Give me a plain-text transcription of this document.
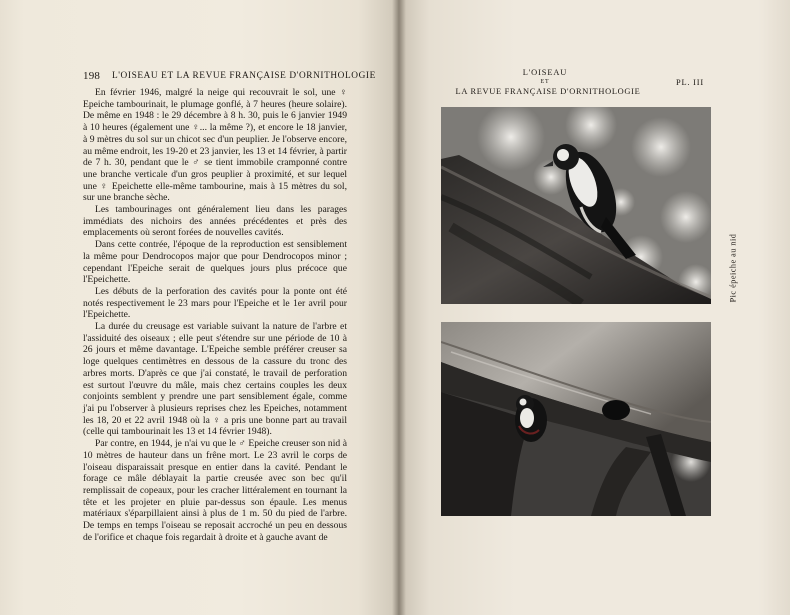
198 L'OISEAU ET LA REVUE FRANÇAISE D'ORNITHOLOGIE

En février 1946, malgré la neige qui recouvrait le sol, une ♀ Epeiche tambourinait, le plumage gonflé, à 7 heures (heure solaire). De même en 1948 : le 29 décembre à 8 h. 30, puis le 6 janvier 1949 à 10 heures (également une ♀... la même ?), et encore le 18 janvier, à 9 mètres du sol sur un chicot sec d'un peuplier. Je l'observe encore, au même endroit, les 19-20 et 23 janvier, les 13 et 14 février, à partir de 7 h. 30, pendant que le ♂ se tient immobile cramponné contre une branche verticale d'un gros peuplier à proximité, et sur lequel une ♀ Epeichette elle-même tambourine, mais à 15 mètres du sol, sur une branche sèche.

Les tambourinages ont généralement lieu dans les parages immédiats des nichoirs des années précédentes et près des emplacements où seront forées de nouvelles cavités.

Dans cette contrée, l'époque de la reproduction est sensiblement la même pour Dendrocopos major que pour Dendrocopos minor ; cependant l'Epeiche serait de quelques jours plus précoce que l'Epeichette.

Les débuts de la perforation des cavités pour la ponte ont été notés respectivement le 23 mars pour l'Epeiche et le 1er avril pour l'Epeichette.

La durée du creusage est variable suivant la nature de l'arbre et l'assiduité des oiseaux ; elle peut s'étendre sur une période de 10 à 26 jours et même davantage. L'Epeiche semble préférer creuser sa loge quelques centimètres en dessous de la cassure du tronc des arbres morts. D'après ce que j'ai constaté, le travail de perforation est surtout l'œuvre du mâle, mais chez certains couples les deux conjoints semblent y prendre une part sensiblement égale, comme j'ai pu l'observer à plusieurs reprises chez les Epeiches, notamment les 18, 20 et 22 avril 1948 où la ♀ a pris une bonne part au travail (celle qui tambourinait les 13 et 14 février 1948).

Par contre, en 1944, je n'ai vu que le ♂ Epeiche creuser son nid à 10 mètres de hauteur dans un frêne mort. Le 23 avril le corps de l'oiseau disparaissait presque en entier dans la cavité. Pendant le forage ce mâle déblayait la partie creusée avec son bec qu'il remplissait de copeaux, pour les cracher littéralement en tournant la tête et les projeter en pluie par-dessus son épaule. Les menus matériaux s'éparpillaient ainsi à plus de 1 m. 50 du pied de l'arbre. De temps en temps l'oiseau se reposait accroché un peu en dessous de l'orifice et chaque fois regardait à droite et à gauche avant de

L'OISEAU
ET
LA REVUE FRANÇAISE D'ORNITHOLOGIE
PL. III
Pic épeiche au nid
